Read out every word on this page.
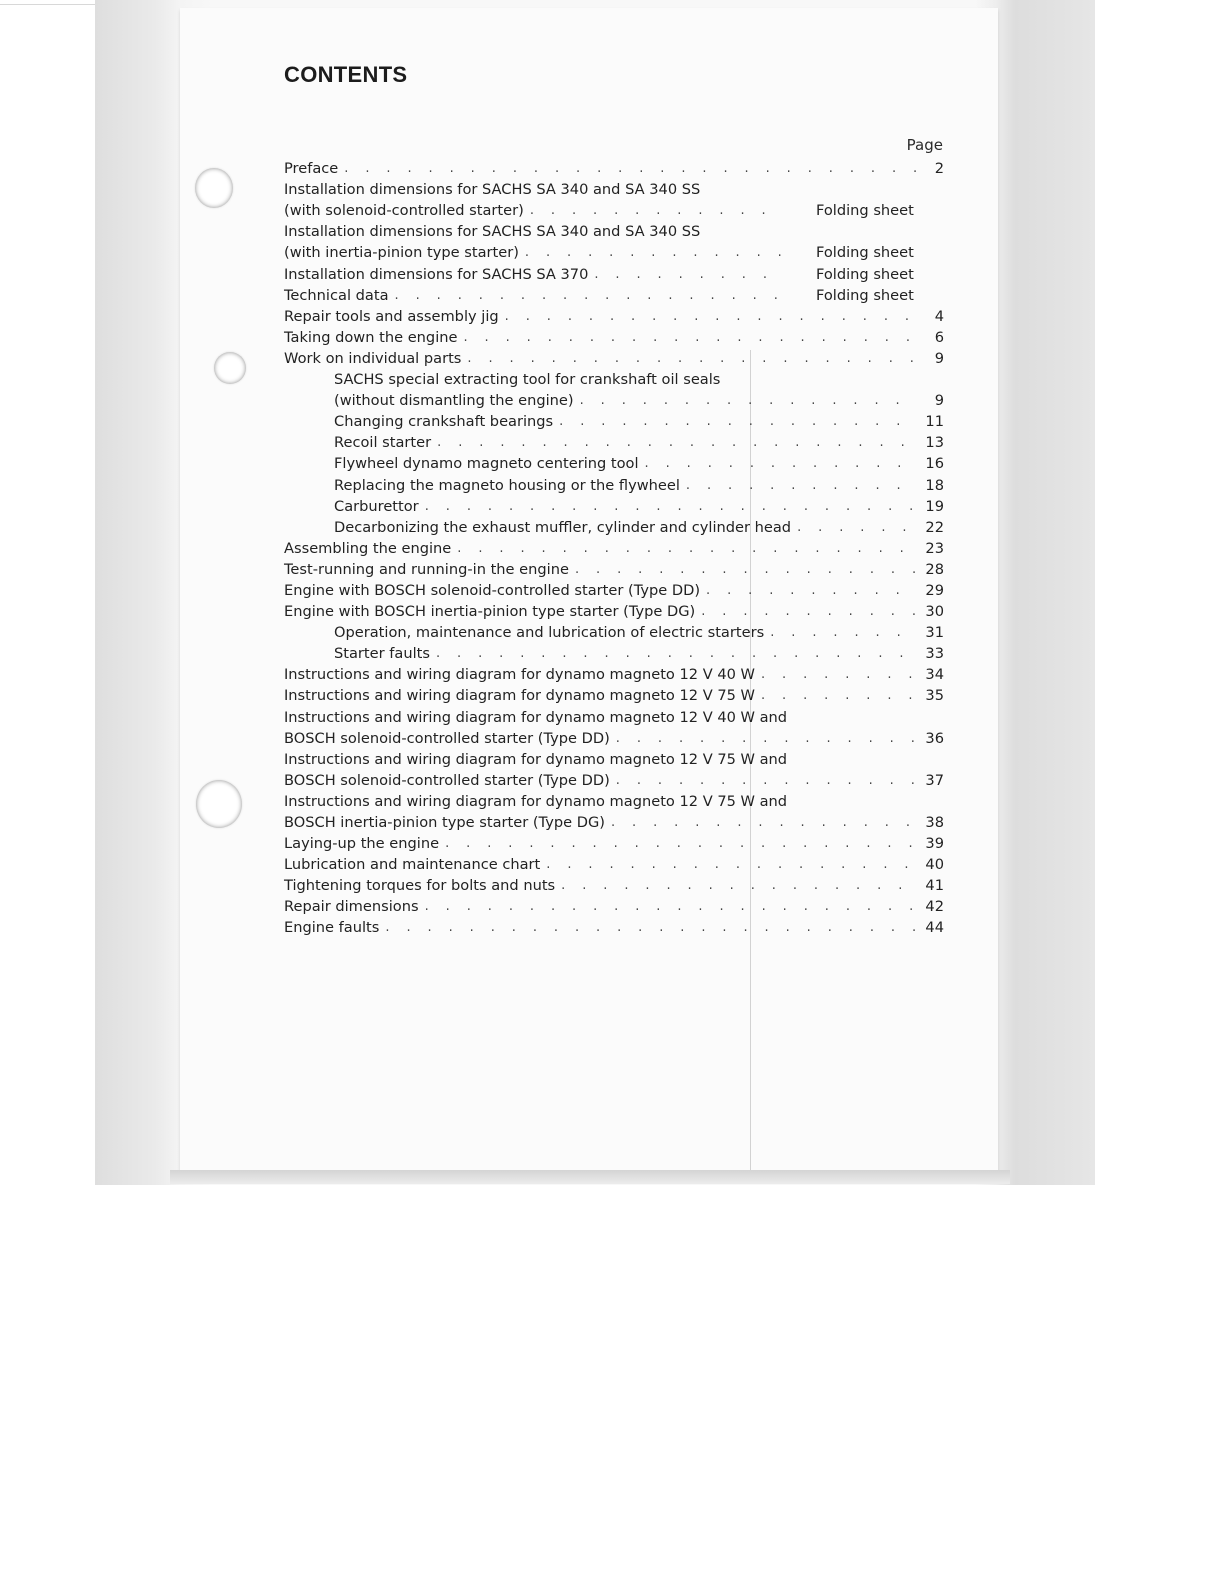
CONTENTS
Page
Preface . . .	2
Installation dimensions for SACHS SA 340 and SA 340 SS
(with solenoid-controlled starter) . . .	Folding sheet
Installation dimensions for SACHS SA 340 and SA 340 SS
(with inertia-pinion type starter) . . .	Folding sheet
Installation dimensions for SACHS SA 370 . . .	Folding sheet
Technical data . . .	Folding sheet
Repair tools and assembly jig . . .	4
Taking down the engine . . .	6
Work on individual parts . . .	9
SACHS special extracting tool for crankshaft oil seals
(without dismantling the engine) . . .	9
Changing crankshaft bearings . . .	11
Recoil starter . . .	13
Flywheel dynamo magneto centering tool . . .	16
Replacing the magneto housing or the flywheel . . .	18
Carburettor . . .	19
Decarbonizing the exhaust muffler, cylinder and cylinder head . . .	22
Assembling the engine . . .	23
Test-running and running-in the engine . . .	28
Engine with BOSCH solenoid-controlled starter (Type DD) . . .	29
Engine with BOSCH inertia-pinion type starter (Type DG) . . .	30
Operation, maintenance and lubrication of electric starters . . .	31
Starter faults . . .	33
Instructions and wiring diagram for dynamo magneto 12 V 40 W . . .	34
Instructions and wiring diagram for dynamo magneto 12 V 75 W . . .	35
Instructions and wiring diagram for dynamo magneto 12 V 40 W and
BOSCH solenoid-controlled starter (Type DD) . . .	36
Instructions and wiring diagram for dynamo magneto 12 V 75 W and
BOSCH solenoid-controlled starter (Type DD) . . .	37
Instructions and wiring diagram for dynamo magneto 12 V 75 W and
BOSCH inertia-pinion type starter (Type DG) . . .	38
Laying-up the engine . . .	39
Lubrication and maintenance chart . . .	40
Tightening torques for bolts and nuts . . .	41
Repair dimensions . . .	42
Engine faults . . .	44
